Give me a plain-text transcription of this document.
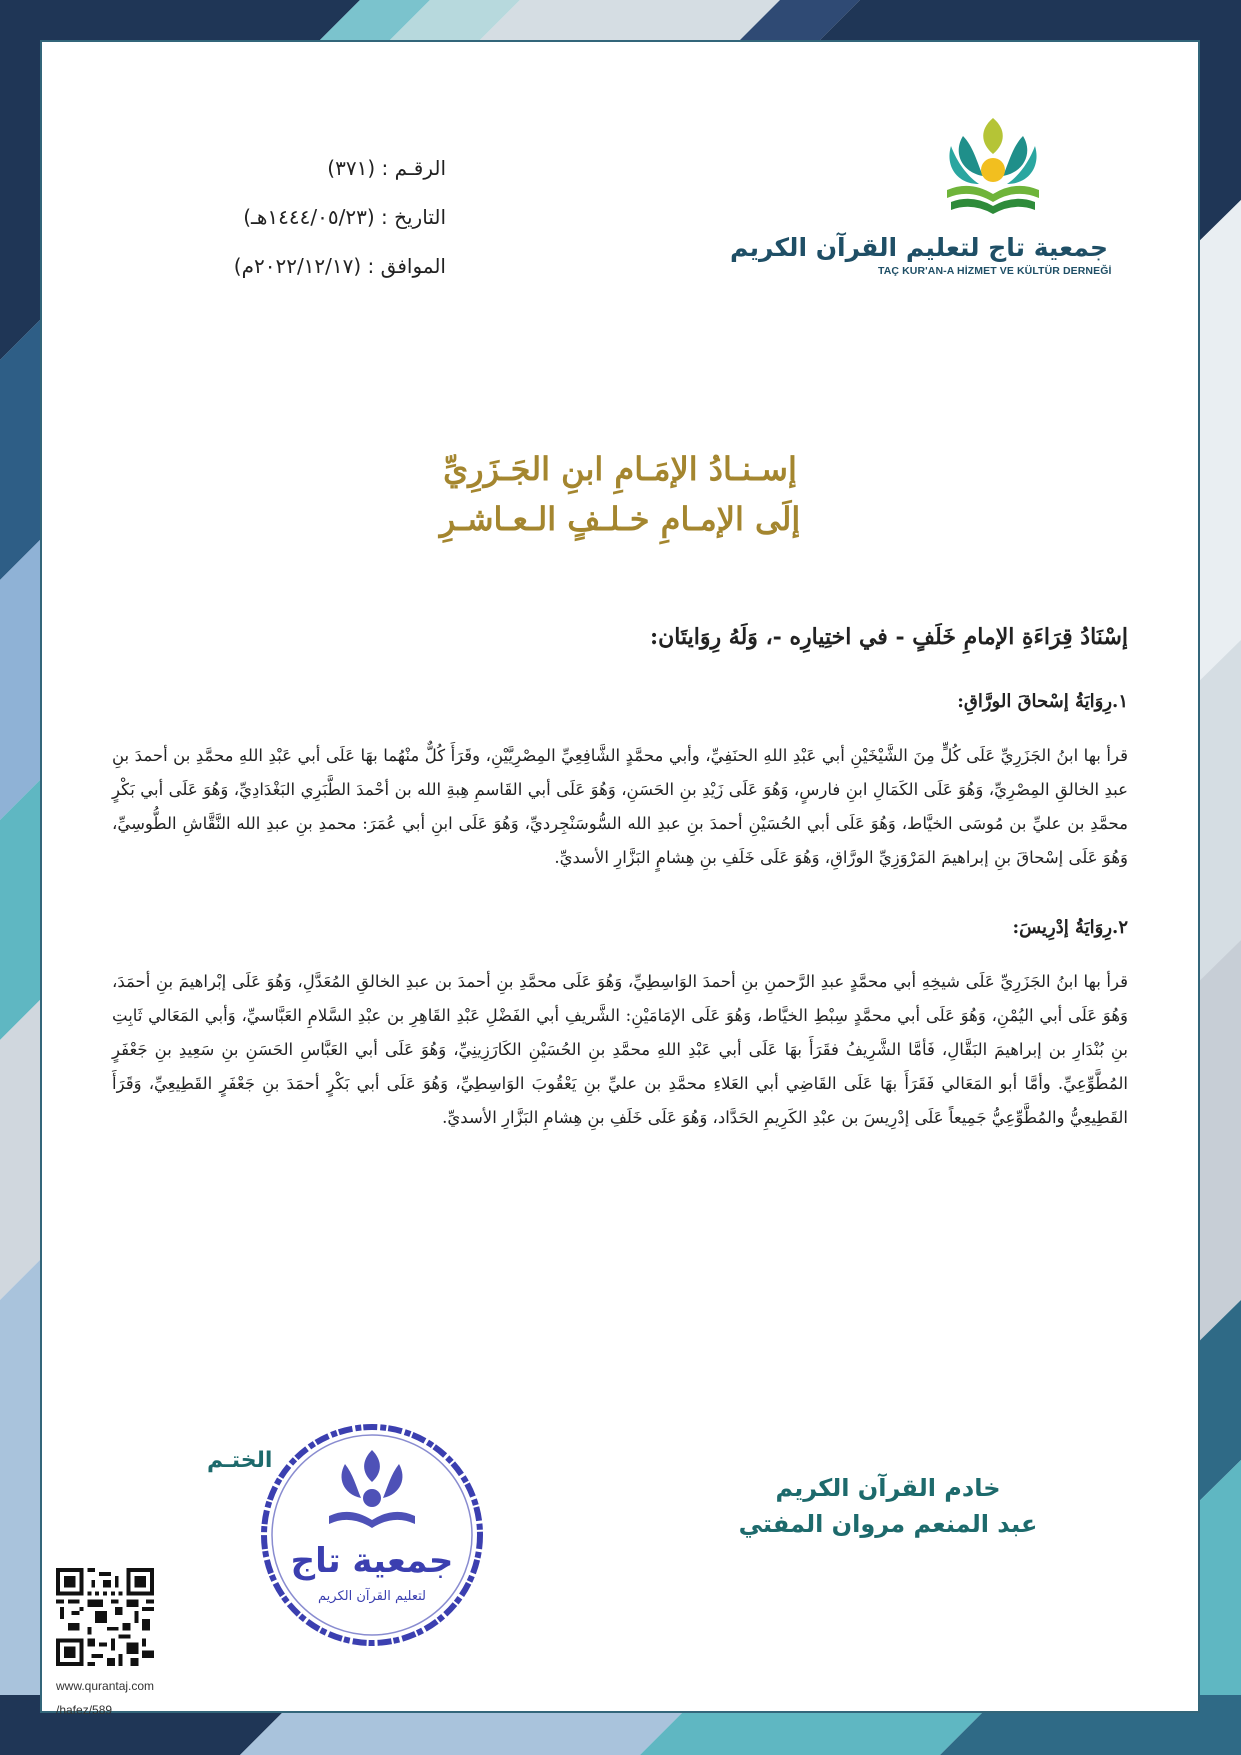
جمعية تاج لتعليم القرآن الكريم
TAÇ KUR'AN-A HİZMET VE KÜLTÜR DERNEĞİ
الرقـم : (٣٧١)
التاريخ : (١٤٤٤/٠٥/٢٣هـ)
الموافق : (٢٠٢٢/١٢/١٧م)
إسـنـادُ الإمَـامِ ابنِ الجَـزَرِيِّ
إلَى الإمـامِ خـلـفٍ الـعـاشـرِ
إسْنَادُ قِرَاءَةِ الإمامِ خَلَفٍ - في اختِيارِه -، وَلَهُ رِوَايتَان:
١.رِوَايَةُ إسْحاقَ الورَّاقِ:

قرأ بها ابنُ الجَزَرِيِّ عَلَى كُلٍّ مِنَ الشَّيْخَيْنِ أبي عَبْدِ اللهِ الحنَفِيِّ، وأبي محمَّدٍ الشَّافِعِيِّ المِصْرِيَّيْنِ، وقَرَأَ كُلٌّ منْهُما بهَا عَلَى أبي عَبْدِ اللهِ محمَّدِ بن أحمدَ بنِ عبدِ الخالقِ المِصْرِيِّ، وَهُوَ عَلَى الكَمَالِ ابنِ فارسٍ، وَهُوَ عَلَى زَيْدِ بنِ الحَسَنِ، وَهُوَ عَلَى أبي القَاسمِ هِبةِ الله بن أحْمدَ الطَّبَرِي البَغْدَادِيِّ، وَهُوَ عَلَى أبي بَكْرٍ محمَّدِ بن عليِّ بن مُوسَى الخيَّاط، وَهُوَ عَلَى أبي الحُسَيْنِ أحمدَ بنِ عبدِ الله السُّوسَنْجِرديِّ، وَهُوَ عَلَى ابنِ أبي عُمَرَ: محمدِ بنِ عبدِ الله النَّقَّاشِ الطُّوسِيِّ، وَهُوَ عَلَى إسْحاقَ بنِ إبراهيمَ المَرْوَزِيِّ الورَّاقِ، وَهُوَ عَلَى خَلَفِ بنِ هِشامٍ البَزَّارِ الأسديِّ.

٢.رِوَايَةُ إدْرِيسَ:

قرأ بها ابنُ الجَزَرِيِّ عَلَى شيخِهِ أبي محمَّدٍ عبدِ الرَّحمنِ بنِ أحمدَ الوَاسِطِيِّ، وَهُوَ عَلَى محمَّدِ بنِ أحمدَ بن عبدِ الخالقِ المُعَدَّلِ، وَهُوَ عَلَى إبْراهيمَ بنِ أحمَدَ، وَهُوَ عَلَى أبي اليُمْنِ، وَهُوَ عَلَى أبي محمَّدٍ سِبْطِ الخيَّاط، وَهُوَ عَلَى الإمَامَيْنِ: الشَّريفِ أبي الفَضْلِ عَبْدِ القَاهِرِ بن عبْدِ السَّلامِ العَبَّاسيِّ، وَأبي المَعَالي ثَابِتِ بنِ بُنْدَارِ بن إبراهيمَ البَقَّالِ، فَأمَّا الشَّرِيفُ فقَرَأَ بهَا عَلَى أبي عَبْدِ اللهِ محمَّدِ بنِ الحُسَيْنِ الكَارَزِينِيِّ، وَهُوَ عَلَى أبي العَبَّاسِ الحَسَنِ بنِ سَعِيدِ بنِ جَعْفَرٍ المُطَّوِّعِيِّ. وأمَّا أبو المَعَالي فَقَرَأَ بهَا عَلَى القَاضِي أبي العَلاءِ محمَّدِ بن عليِّ بنِ يَعْقُوبَ الوَاسِطِيِّ، وَهُوَ عَلَى أبي بَكْرٍ أحمَدَ بنِ جَعْفَرٍ القَطِيعِيِّ، وَقَرَأَ القَطِيعِيُّ والمُطَّوِّعِيُّ جَمِيعاً عَلَى إدْرِيسَ بن عبْدِ الكَرِيمِ الحَدَّاد، وَهُوَ عَلَى خَلَفِ بنِ هِشامِ البَزَّارِ الأسديِّ.

خادم القرآن الكريم
عبد المنعم مروان المفتي
الختـم
جمعية تاج
لتعليم القرآن الكريم
www.qurantaj.com
/hafez/589
